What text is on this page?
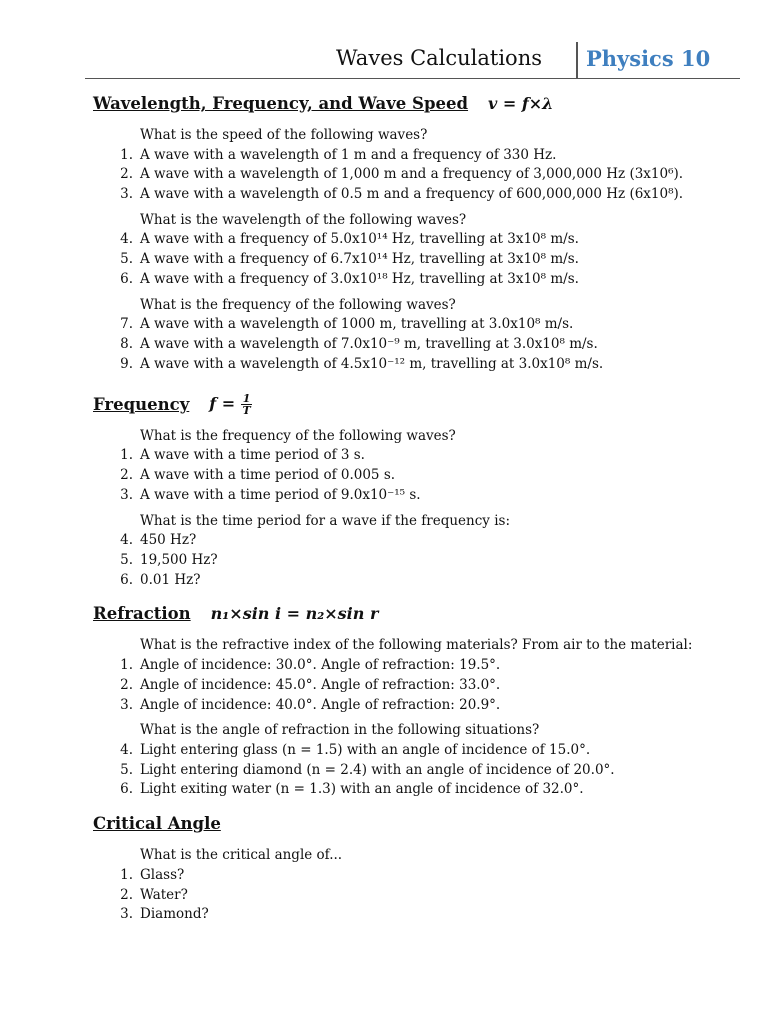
Waves Calculations Physics 10
Wavelength, Frequency, and Wave Speed v = f×λ
What is the speed of the following waves?
1. A wave with a wavelength of 1 m and a frequency of 330 Hz.
2. A wave with a wavelength of 1,000 m and a frequency of 3,000,000 Hz (3x10⁶).
3. A wave with a wavelength of 0.5 m and a frequency of 600,000,000 Hz (6x10⁸).
What is the wavelength of the following waves?
4. A wave with a frequency of 5.0x10¹⁴ Hz, travelling at 3x10⁸ m/s.
5. A wave with a frequency of 6.7x10¹⁴ Hz, travelling at 3x10⁸ m/s.
6. A wave with a frequency of 3.0x10¹⁸ Hz, travelling at 3x10⁸ m/s.
What is the frequency of the following waves?
7. A wave with a wavelength of 1000 m, travelling at 3.0x10⁸ m/s.
8. A wave with a wavelength of 7.0x10⁻⁹ m, travelling at 3.0x10⁸ m/s.
9. A wave with a wavelength of 4.5x10⁻¹² m, travelling at 3.0x10⁸ m/s.
Frequency $f = \frac{1}{T}$
What is the frequency of the following waves?
1. A wave with a time period of 3 s.
2. A wave with a time period of 0.005 s.
3. A wave with a time period of 9.0x10⁻¹⁵ s.
What is the time period for a wave if the frequency is:
4. 450 Hz?
5. 19,500 Hz?
6. 0.01 Hz?
Refraction n₁×sin i = n₂×sin r
What is the refractive index of the following materials? From air to the material:
1. Angle of incidence: 30.0°. Angle of refraction: 19.5°.
2. Angle of incidence: 45.0°. Angle of refraction: 33.0°.
3. Angle of incidence: 40.0°. Angle of refraction: 20.9°.
What is the angle of refraction in the following situations?
4. Light entering glass (n = 1.5) with an angle of incidence of 15.0°.
5. Light entering diamond (n = 2.4) with an angle of incidence of 20.0°.
6. Light exiting water (n = 1.3) with an angle of incidence of 32.0°.
Critical Angle
What is the critical angle of...
1. Glass?
2. Water?
3. Diamond?
